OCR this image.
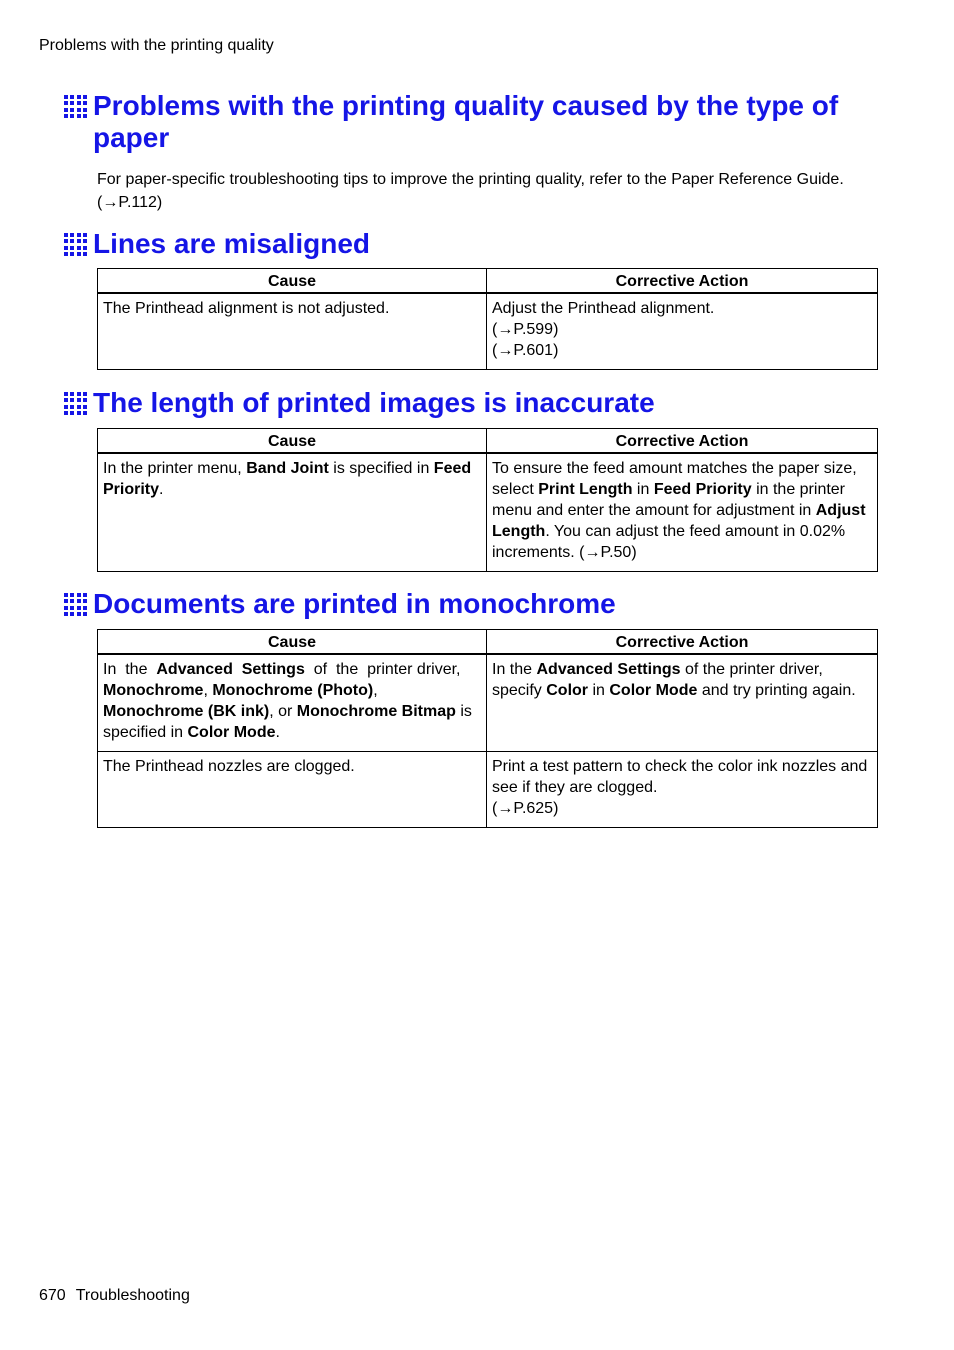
Problems with the printing quality
Problems with the printing quality caused by the type of paper
For paper-specific troubleshooting tips to improve the printing quality, refer to the Paper Reference Guide. (→P.112)
Lines are misaligned
Cause	Corrective Action
The Printhead alignment is not adjusted.	Adjust the Printhead alignment.
(→P.599)
(→P.601)
The length of printed images is inaccurate
Cause	Corrective Action
In the printer menu, Band Joint is specified in Feed Priority.	To ensure the feed amount matches the paper size, select Print Length in Feed Priority in the printer menu and enter the amount for adjustment in Adjust Length. You can adjust the feed amount in 0.02% increments. (→P.50)
Documents are printed in monochrome
Cause	Corrective Action
In  the  Advanced  Settings  of  the  printer driver, Monochrome, Monochrome (Photo), Monochrome (BK ink), or Monochrome Bitmap is specified in Color Mode.	In the Advanced Settings of the printer driver, specify Color in Color Mode and try printing again.
The Printhead nozzles are clogged.	Print a test pattern to check the color ink nozzles and see if they are clogged.
(→P.625)
670 Troubleshooting
